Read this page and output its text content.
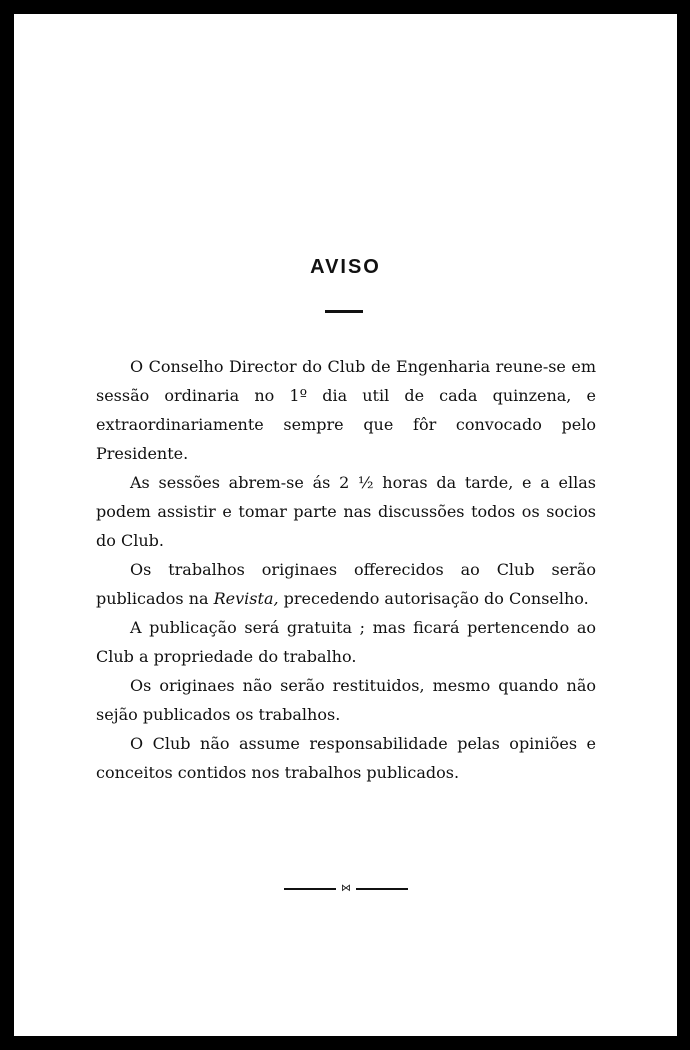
AVISO

O Conselho Director do Club de Engenharia reune-se em sessão ordinaria no 1º dia util de cada quinzena, e extraordinariamente sempre que fôr convocado pelo Presidente.

As sessões abrem-se ás 2 ½ horas da tarde, e a ellas podem assistir e tomar parte nas discussões todos os socios do Club.

Os trabalhos originaes offerecidos ao Club serão publicados na Revista, precedendo autorisação do Conselho.

A publicação será gratuita ; mas ficará pertencendo ao Club a propriedade do trabalho.

Os originaes não serão restituidos, mesmo quando não sejão publicados os trabalhos.

O Club não assume responsabilidade pelas opiniões e conceitos contidos nos trabalhos publicados.

⋈
